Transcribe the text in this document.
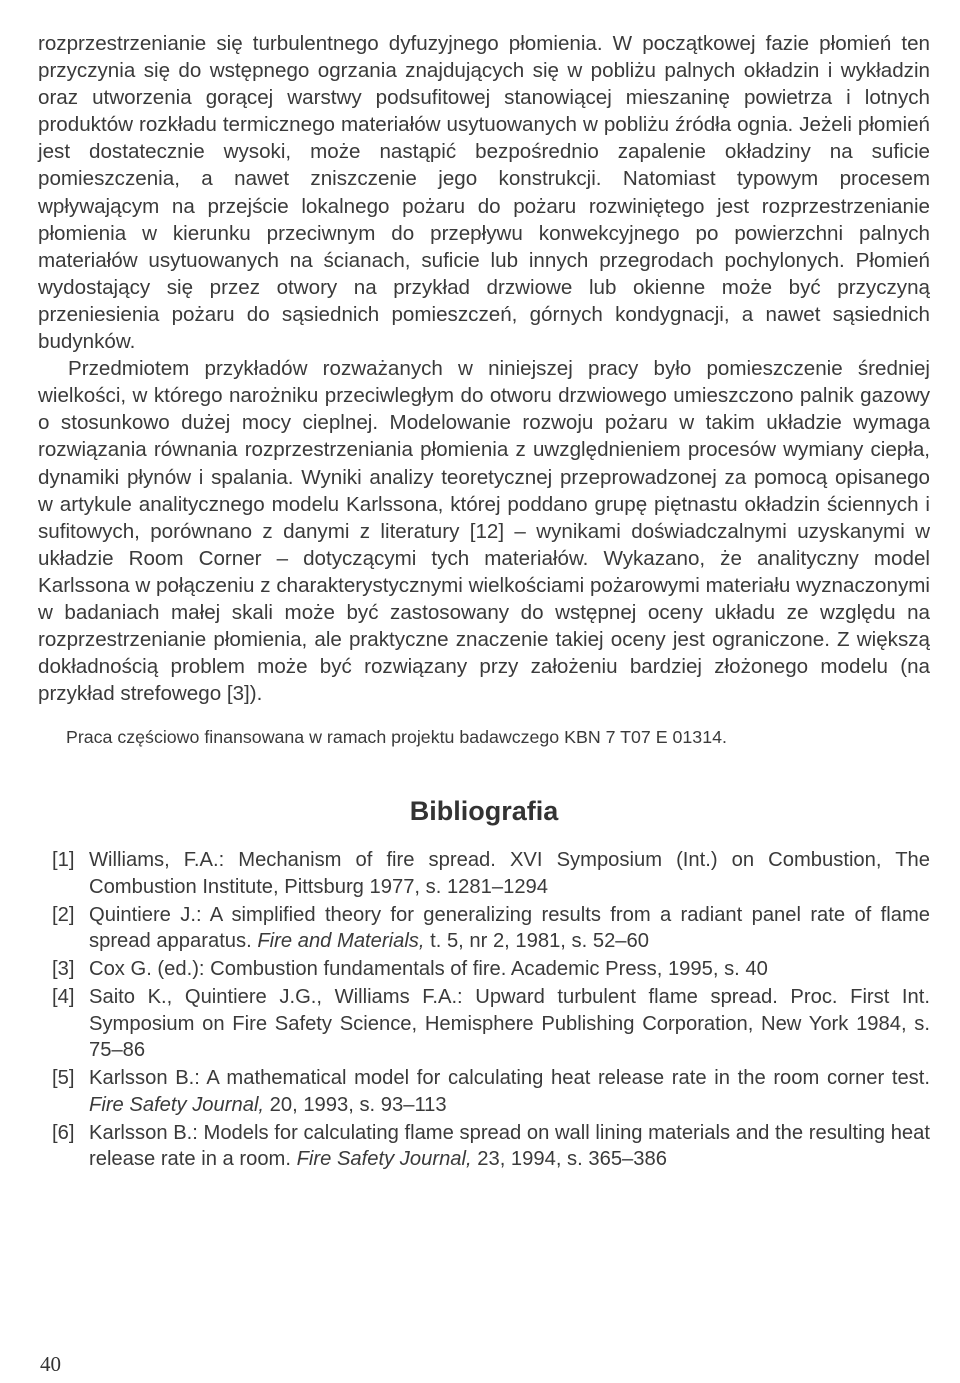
rozprzestrzenianie się turbulentnego dyfuzyjnego płomienia. W początkowej fazie płomień ten przyczynia się do wstępnego ogrzania znajdujących się w pobliżu palnych okładzin i wykładzin oraz utworzenia gorącej warstwy podsufitowej stanowiącej mieszaninę powietrza i lotnych produktów rozkładu termicznego materiałów usytuowanych w pobliżu źródła ognia. Jeżeli płomień jest dostatecznie wysoki, może nastąpić bezpośrednio zapalenie okładziny na suficie pomieszczenia, a nawet zniszczenie jego konstrukcji. Natomiast typowym procesem wpływającym na przejście lokalnego pożaru do pożaru rozwiniętego jest rozprzestrzenianie płomienia w kierunku przeciwnym do przepływu konwekcyjnego po powierzchni palnych materiałów usytuowanych na ścianach, suficie lub innych przegrodach pochylonych. Płomień wydostający się przez otwory na przykład drzwiowe lub okienne może być przyczyną przeniesienia pożaru do sąsiednich pomieszczeń, górnych kondygnacji, a nawet sąsiednich budynków.

Przedmiotem przykładów rozważanych w niniejszej pracy było pomieszczenie średniej wielkości, w którego narożniku przeciwległym do otworu drzwiowego umieszczono palnik gazowy o stosunkowo dużej mocy cieplnej. Modelowanie rozwoju pożaru w takim układzie wymaga rozwiązania równania rozprzestrzeniania płomienia z uwzględnieniem procesów wymiany ciepła, dynamiki płynów i spalania. Wyniki analizy teoretycznej przeprowadzonej za pomocą opisanego w artykule analitycznego modelu Karlssona, której poddano grupę piętnastu okładzin ściennych i sufitowych, porównano z danymi z literatury [12] – wynikami doświadczalnymi uzyskanymi w układzie Room Corner – dotyczącymi tych materiałów. Wykazano, że analityczny model Karlssona w połączeniu z charakterystycznymi wielkościami pożarowymi materiału wyznaczonymi w badaniach małej skali może być zastosowany do wstępnej oceny układu ze względu na rozprzestrzenianie płomienia, ale praktyczne znaczenie takiej oceny jest ograniczone. Z większą dokładnością problem może być rozwiązany przy założeniu bardziej złożonego modelu (na przykład strefowego [3]).

Praca częściowo finansowana w ramach projektu badawczego KBN 7 T07 E 01314.

Bibliografia
[1] Williams, F.A.: Mechanism of fire spread. XVI Symposium (Int.) on Combustion, The Combustion Institute, Pittsburg 1977, s. 1281–1294
[2] Quintiere J.: A simplified theory for generalizing results from a radiant panel rate of flame spread apparatus. Fire and Materials, t. 5, nr 2, 1981, s. 52–60
[3] Cox G. (ed.): Combustion fundamentals of fire. Academic Press, 1995, s. 40
[4] Saito K., Quintiere J.G., Williams F.A.: Upward turbulent flame spread. Proc. First Int. Symposium on Fire Safety Science, Hemisphere Publishing Corporation, New York 1984, s. 75–86
[5] Karlsson B.: A mathematical model for calculating heat release rate in the room corner test. Fire Safety Journal, 20, 1993, s. 93–113
[6] Karlsson B.: Models for calculating flame spread on wall lining materials and the resulting heat release rate in a room. Fire Safety Journal, 23, 1994, s. 365–386
40
